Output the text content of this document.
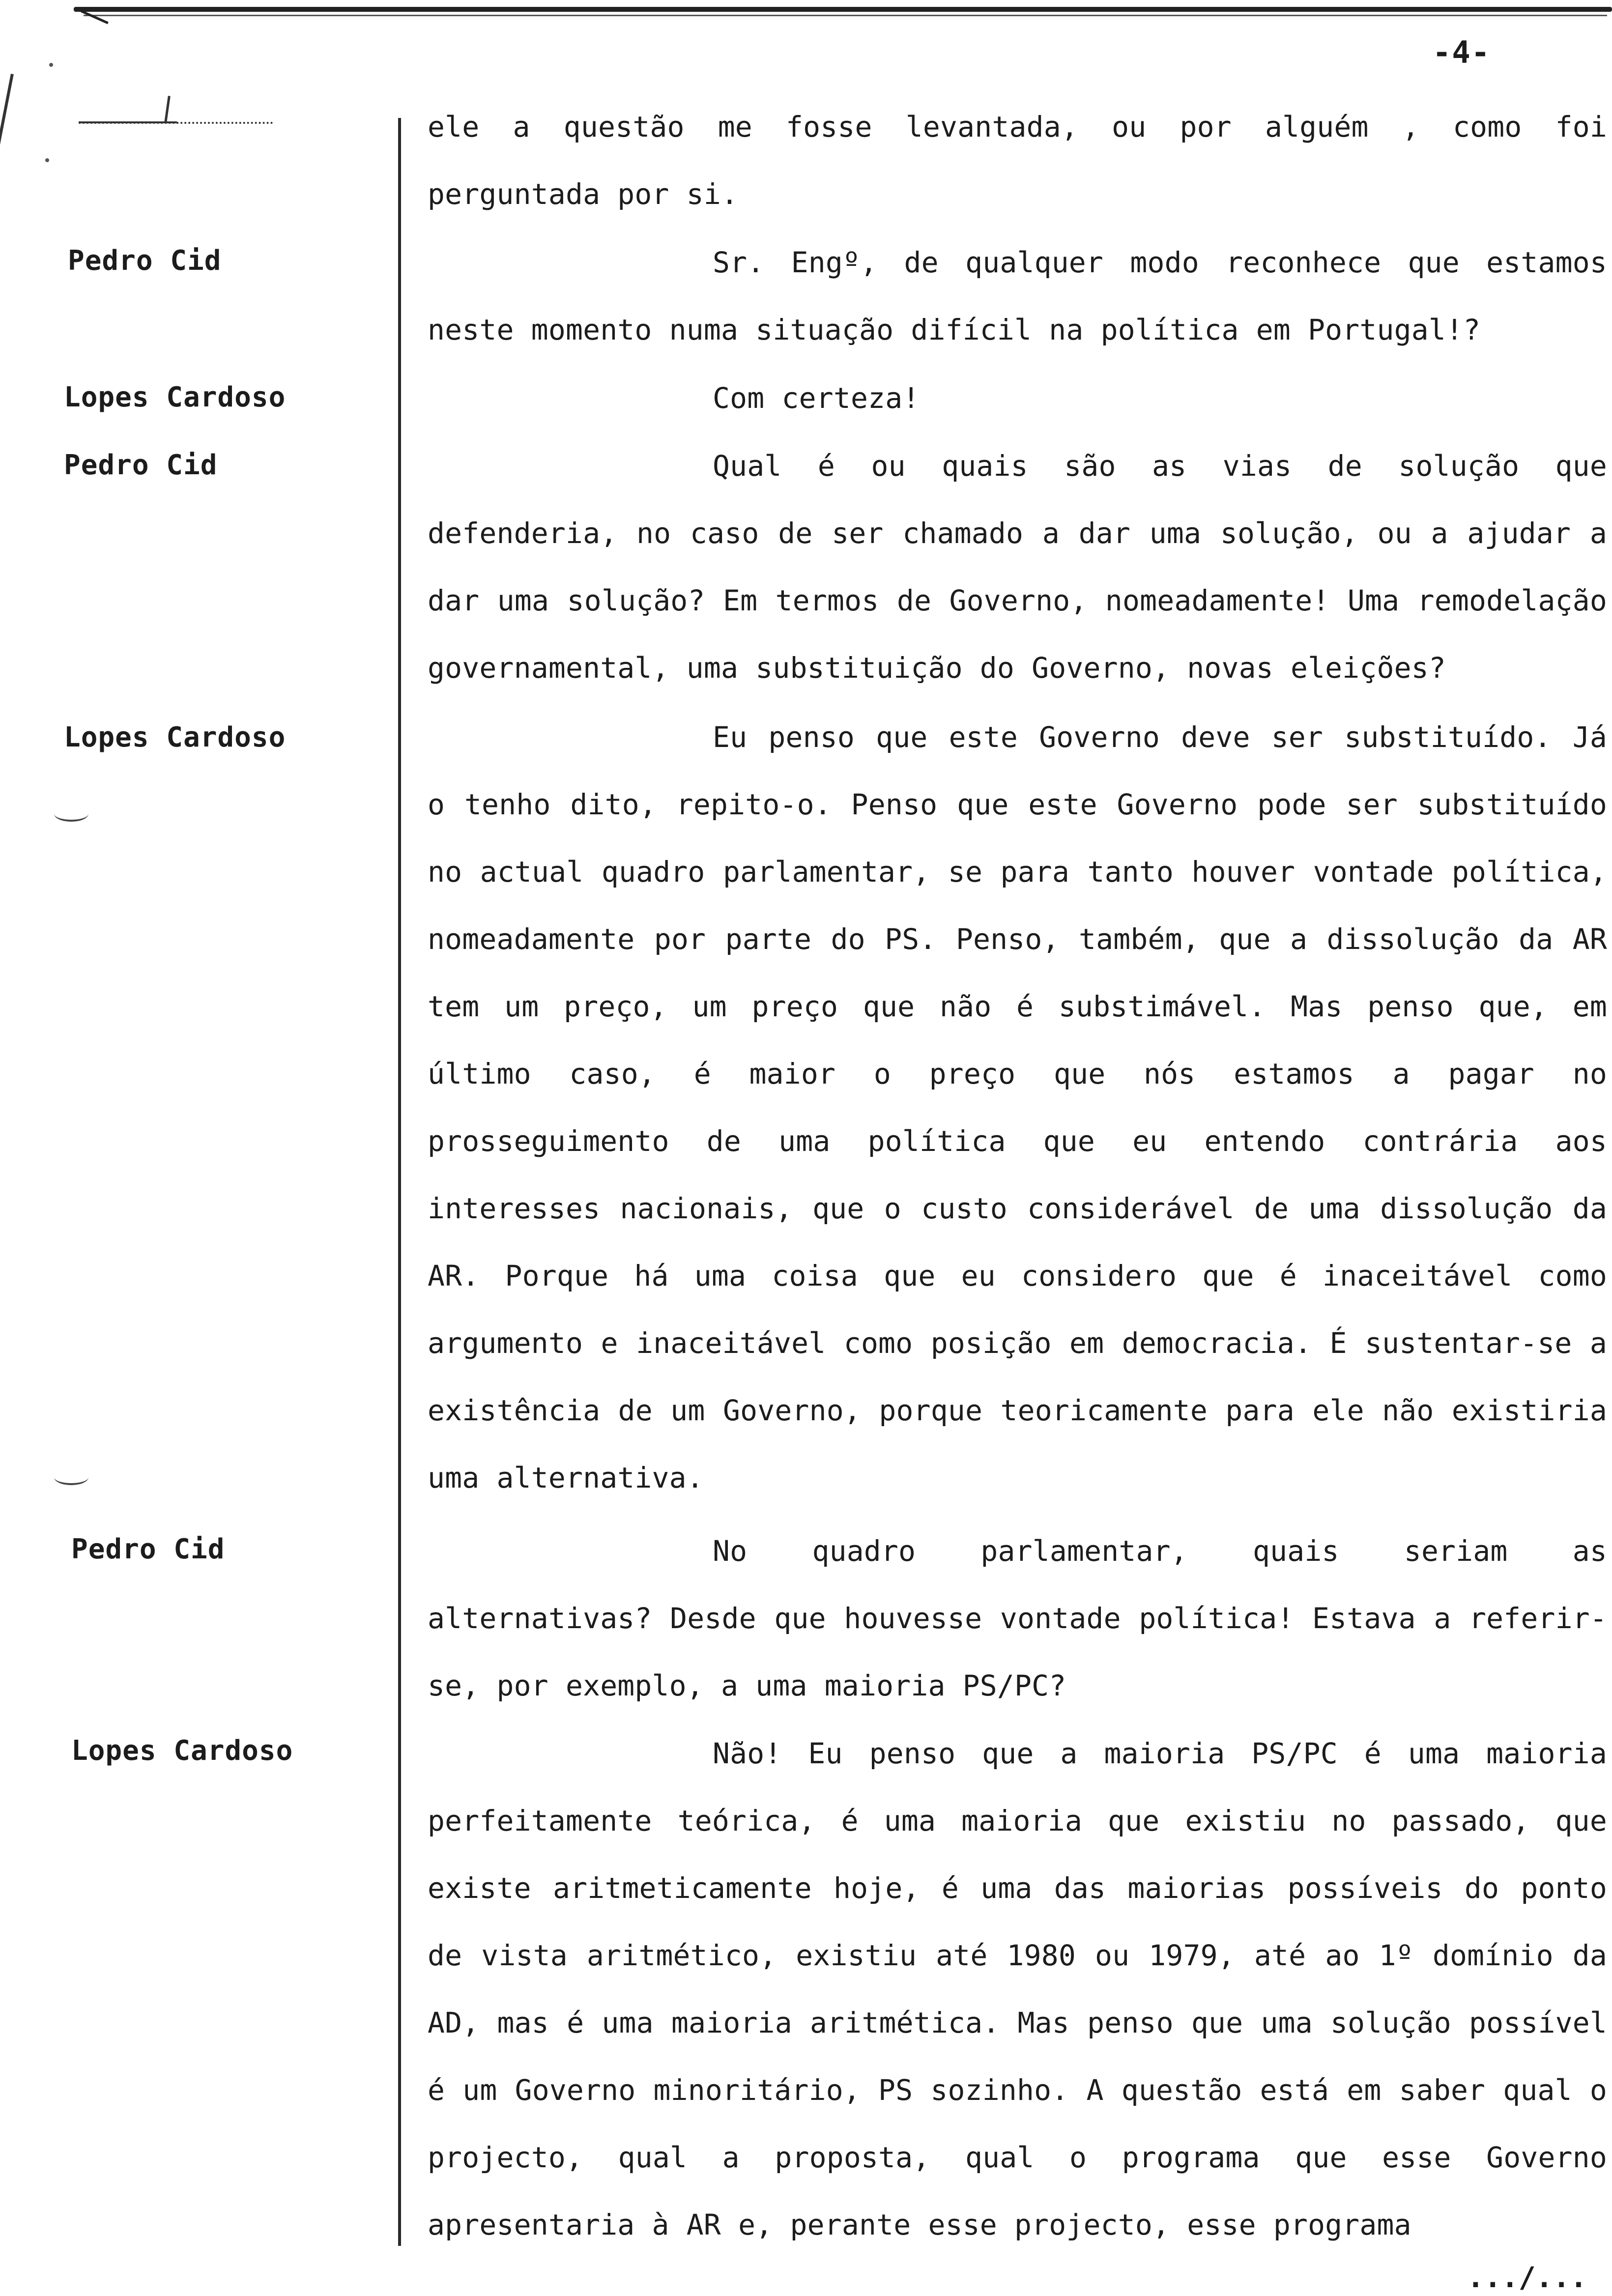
-4-
Pedro Cid
Lopes Cardoso
Pedro Cid
Lopes Cardoso
Pedro Cid
Lopes Cardoso
ele a questão me fosse levantada, ou por alguém , como foi perguntada por si.
Sr. Engº, de qualquer modo reconhece que estamos neste momento numa situação difícil na política em Portugal!?
Com certeza!
Qual é ou quais são as vias de solução que defenderia, no caso de ser chamado a dar uma solução, ou a ajudar a dar uma solução? Em termos de Governo, nomeadamente! Uma remodelação governamental, uma substituição do Governo, novas eleições?
Eu penso que este Governo deve ser substituído. Já o tenho dito, repito-o. Penso que este Governo pode ser substituído no actual quadro parlamentar, se para tanto houver vontade política, nomeadamente por parte do PS. Penso, também, que a dissolução da AR tem um preço, um preço que não é substimável. Mas penso que, em último caso, é maior o preço que nós estamos a pagar no prosseguimento de uma política que eu entendo contrária aos interesses nacionais, que o custo considerável de uma dissolução da AR. Porque há uma coisa que eu considero que é inaceitável como argumento e inaceitável como posição em democracia. É sustentar-se a existência de um Governo, porque teoricamente para ele não existiria uma alternativa.
No quadro parlamentar, quais seriam as alternativas? Desde que houvesse vontade política! Estava a referir-se, por exemplo, a uma maioria PS/PC?
Não! Eu penso que a maioria PS/PC é uma maioria perfeitamente teórica, é uma maioria que existiu no passado, que existe aritmeticamente hoje, é uma das maiorias possíveis do ponto de vista aritmético, existiu até 1980 ou 1979, até ao 1º domínio da AD, mas é uma maioria aritmética. Mas penso que uma solução possível é um Governo minoritário, PS sozinho. A questão está em saber qual o projecto, qual a proposta, qual o programa que esse Governo apresentaria à AR e, perante esse projecto, esse programa
.../...
